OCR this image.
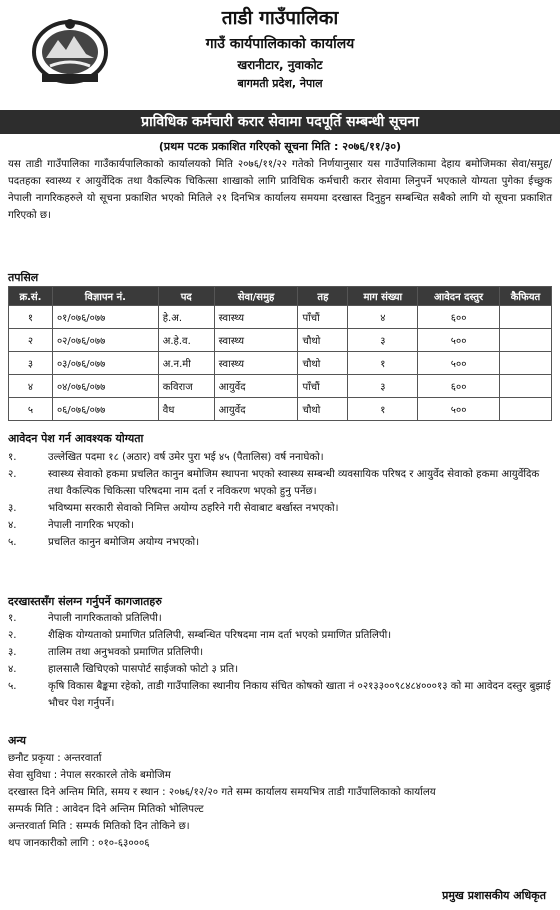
ताडी गाउँपालिका
गाउँ कार्यपालिकाको कार्यालय
खरानीटार, नुवाकोट
बागमती प्रदेश, नेपाल
प्राविधिक कर्मचारी करार सेवामा पदपूर्ति सम्बन्धी सूचना
(प्रथम पटक प्रकाशित गरिएको सूचना मिति : २०७६/११/३०)
यस ताडी गाउँपालिका गाउँकार्यपालिकाको कार्यालयको मिति २०७६/११/२२ गतेको निर्णयानुसार यस गाउँपालिकामा देहाय बमोजिमका सेवा/समुह/पदतहका स्वास्थ्य र आयुर्वेदिक तथा वैकल्पिक चिकित्सा शाखाको लागि प्राविधिक कर्मचारी करार सेवामा लिनुपर्ने भएकाले योग्यता पुगेका ईच्छुक नेपाली नागरिकहरुले यो सूचना प्रकाशित भएको मितिले २१ दिनभित्र कार्यालय समयमा दरखास्त दिनुहुन सम्बन्धित सबैको लागि यो सूचना प्रकाशित गरिएको छ।
तपसिल
क्र.सं.	विज्ञापन नं.	पद	सेवा/समुह	तह	माग संख्या	आवेदन दस्तुर	कैफियत
१	०१/०७६/०७७	हे.अ.	स्वास्थ्य	पाँचौं	४	६००	
२	०२/०७६/०७७	अ.हे.व.	स्वास्थ्य	चौथो	३	५००	
३	०३/०७६/०७७	अ.न.मी	स्वास्थ्य	चौथो	१	५००	
४	०४/०७६/०७७	कविराज	आयुर्वेद	पाँचौं	३	६००	
५	०६/०७६/०७७	वैध	आयुर्वेद	चौथो	१	५००	
आवेदन पेश गर्न आवश्यक योग्यता
१.	उल्लेखित पदमा १८ (अठार) वर्ष उमेर पुरा भई ४५ (पैतालिस) वर्ष ननाघेको।
२.	स्वास्थ्य सेवाको हकमा प्रचलित कानुन बमोजिम स्थापना भएको स्वास्थ्य सम्बन्धी व्यवसायिक परिषद र आयुर्वेद सेवाको हकमा आयुर्वेदिक तथा वैकल्पिक चिकित्सा परिषदमा नाम दर्ता र नविकरण भएको हुनु पर्नेछ।
३.	भविष्यमा सरकारी सेवाको निमित्त अयोग्य ठहरिने गरी सेवाबाट बर्खास्त नभएको।
४.	नेपाली नागरिक भएको।
५.	प्रचलित कानुन बमोजिम अयोग्य नभएको।
दरखास्तसँग संलग्न गर्नुपर्ने कागजातहरु
१.	नेपाली नागरिकताको प्रतिलिपी।
२.	शैक्षिक योग्यताको प्रमाणित प्रतिलिपी, सम्बन्धित परिषदमा नाम दर्ता भएको प्रमाणित प्रतिलिपी।
३.	तालिम तथा अनुभवको प्रमाणित प्रतिलिपी।
४.	हालसालै खिचिएको पासपोर्ट साईजको फोटो ३ प्रति।
५.	कृषि विकास बैङ्कमा रहेको, ताडी गाउँपालिका स्थानीय निकाय संचित कोषको खाता नं ०२१३३००९८४८४०००१३ को मा आवेदन दस्तुर बुझाई भौचर पेश गर्नुपर्ने।
अन्य
छनौट प्रकृया : अन्तरवार्ता
सेवा सुविधा : नेपाल सरकारले तोके बमोजिम
दरखास्त दिने अन्तिम मिति, समय र स्थान : २०७६/१२/२० गते सम्म कार्यालय समयभित्र ताडी गाउँपालिकाको कार्यालय
सम्पर्क मिति : आवेदन दिने अन्तिम मितिको भोलिपल्ट
अन्तरवार्ता मिति : सम्पर्क मितिको दिन तोकिने छ।
थप जानकारीको लागि : ०१०-६३०००६
प्रमुख प्रशासकीय अधिकृत
